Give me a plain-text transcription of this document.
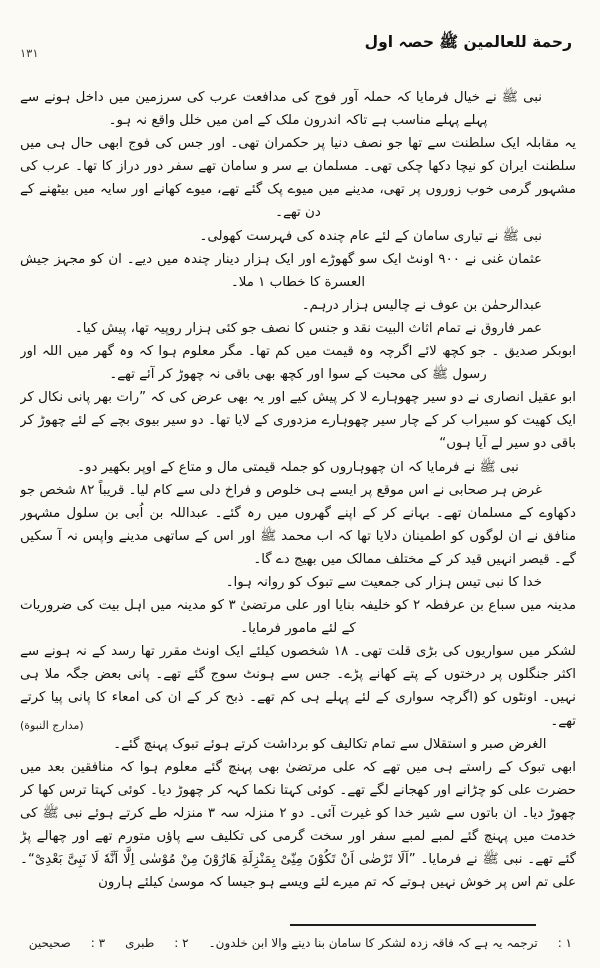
۱۳۱
رحمة للعالمين ﷺ حصہ اول
نبی ﷺ نے خیال فرمایا کہ حملہ آور فوج کی مدافعت عرب کی سرزمین میں داخل ہونے سے پہلے پہلے مناسب ہے تاکہ اندرون ملک کے امن میں خلل واقع نہ ہو۔
یہ مقابلہ ایک سلطنت سے تھا جو نصف دنیا پر حکمران تھی۔ اور جس کی فوج ابھی حال ہی میں سلطنت ایران کو نیچا دکھا چکی تھی۔ مسلمان بے سر و سامان تھے سفر دور دراز کا تھا۔ عرب کی مشہور گرمی خوب زوروں پر تھی، مدینے میں میوے پک گئے تھے، میوے کھانے اور سایہ میں بیٹھنے کے دن تھے۔
نبی ﷺ نے تیاری سامان کے لئے عام چندہ کی فہرست کھولی۔
عثمان غنی نے ۹۰۰ اونٹ ایک سو گھوڑے اور ایک ہزار دینار چندہ میں دیے۔ ان کو مجہز جیش العسرة کا خطاب ۱ ملا۔
عبدالرحمٰن بن عوف نے چالیس ہزار درہم۔
عمر فاروق نے تمام اثاث البیت نقد و جنس کا نصف جو کئی ہزار روپیہ تھا، پیش کیا۔
ابوبکر صدیق ۔ جو کچھ لائے اگرچہ وہ قیمت میں کم تھا۔ مگر معلوم ہوا کہ وہ گھر میں اللہ اور رسول ﷺ کی محبت کے سوا اور کچھ بھی باقی نہ چھوڑ کر آئے تھے۔
ابو عقیل انصاری نے دو سیر چھوہارے لا کر پیش کیے اور یہ بھی عرض کی کہ ”رات بھر پانی نکال کر ایک کھیت کو سیراب کر کے چار سیر چھوہارے مزدوری کے لایا تھا۔ دو سیر بیوی بچے کے لئے چھوڑ کر باقی دو سیر لے آیا ہوں“
نبی ﷺ نے فرمایا کہ ان چھوہاروں کو جملہ قیمتی مال و متاع کے اوپر بکھیر دو۔
غرض ہر صحابی نے اس موقع پر ایسے ہی خلوص و فراخ دلی سے کام لیا۔ قریباً ۸۲ شخص جو دکھاوے کے مسلمان تھے۔ بہانے کر کے اپنے گھروں میں رہ گئے۔ عبداللہ بن اُبی بن سلول مشہور منافق نے ان لوگوں کو اطمینان دلایا تھا کہ اب محمد ﷺ اور اس کے ساتھی مدینے واپس نہ آ سکیں گے۔ قیصر انہیں قید کر کے مختلف ممالک میں بھیج دے گا۔
خدا کا نبی تیس ہزار کی جمعیت سے تبوک کو روانہ ہوا۔
مدینہ میں سباع بن عرفطہ ۲ کو خلیفہ بنایا اور علی مرتضیٰ ۳ کو مدینہ میں اہل بیت کی ضروریات کے لئے مامور فرمایا۔
لشکر میں سواریوں کی بڑی قلت تھی۔ ۱۸ شخصوں کیلئے ایک اونٹ مقرر تھا رسد کے نہ ہونے سے اکثر جنگلوں پر درختوں کے پتے کھانے پڑے۔ جس سے ہونٹ سوج گئے تھے۔ پانی بعض جگہ ملا ہی نہیں۔ اونٹوں کو (اگرچہ سواری کے لئے پہلے ہی کم تھے۔ ذبح کر کے ان کی امعاء کا پانی پیا کرتے تھے۔
(مدارج النبوة)
الغرض صبر و استقلال سے تمام تکالیف کو برداشت کرتے ہوئے تبوک پہنچ گئے۔
ابھی تبوک کے راستے ہی میں تھے کہ علی مرتضیٰ بھی پہنچ گئے معلوم ہوا کہ منافقین بعد میں حضرت علی کو چڑانے اور کھجانے لگے تھے۔ کوئی کہتا نکما کہہ کر چھوڑ دیا۔ کوئی کہتا ترس کھا کر چھوڑ دیا۔ ان باتوں سے شیر خدا کو غیرت آئی۔ دو ۲ منزلہ سہ ۳ منزلہ طے کرتے ہوئے نبی ﷺ کی خدمت میں پہنچ گئے لمبے لمبے سفر اور سخت گرمی کی تکلیف سے پاؤں متورم تھے اور چھالے پڑ گئے تھے۔ نبی ﷺ نے فرمایا۔ ”اَلَا تَرْضٰی اَنْ تَکُوْنَ مِنِّیْ بِمَنْزِلَةِ هَارُوْنَ مِنْ مُوْسٰی اِلَّا اَنَّهٗ لَا نَبِیَّ بَعْدِیْ“۔ علی تم اس پر خوش نہیں ہوتے کہ تم میرے لئے ویسے ہو جیسا کہ موسیٰ کیلئے ہارون
۱ :
ترجمہ یہ ہے کہ فاقہ زدہ لشکر کا سامان بنا دینے والا ابن خلدون۔
۲ :
طبری
۳ :
صحیحین
